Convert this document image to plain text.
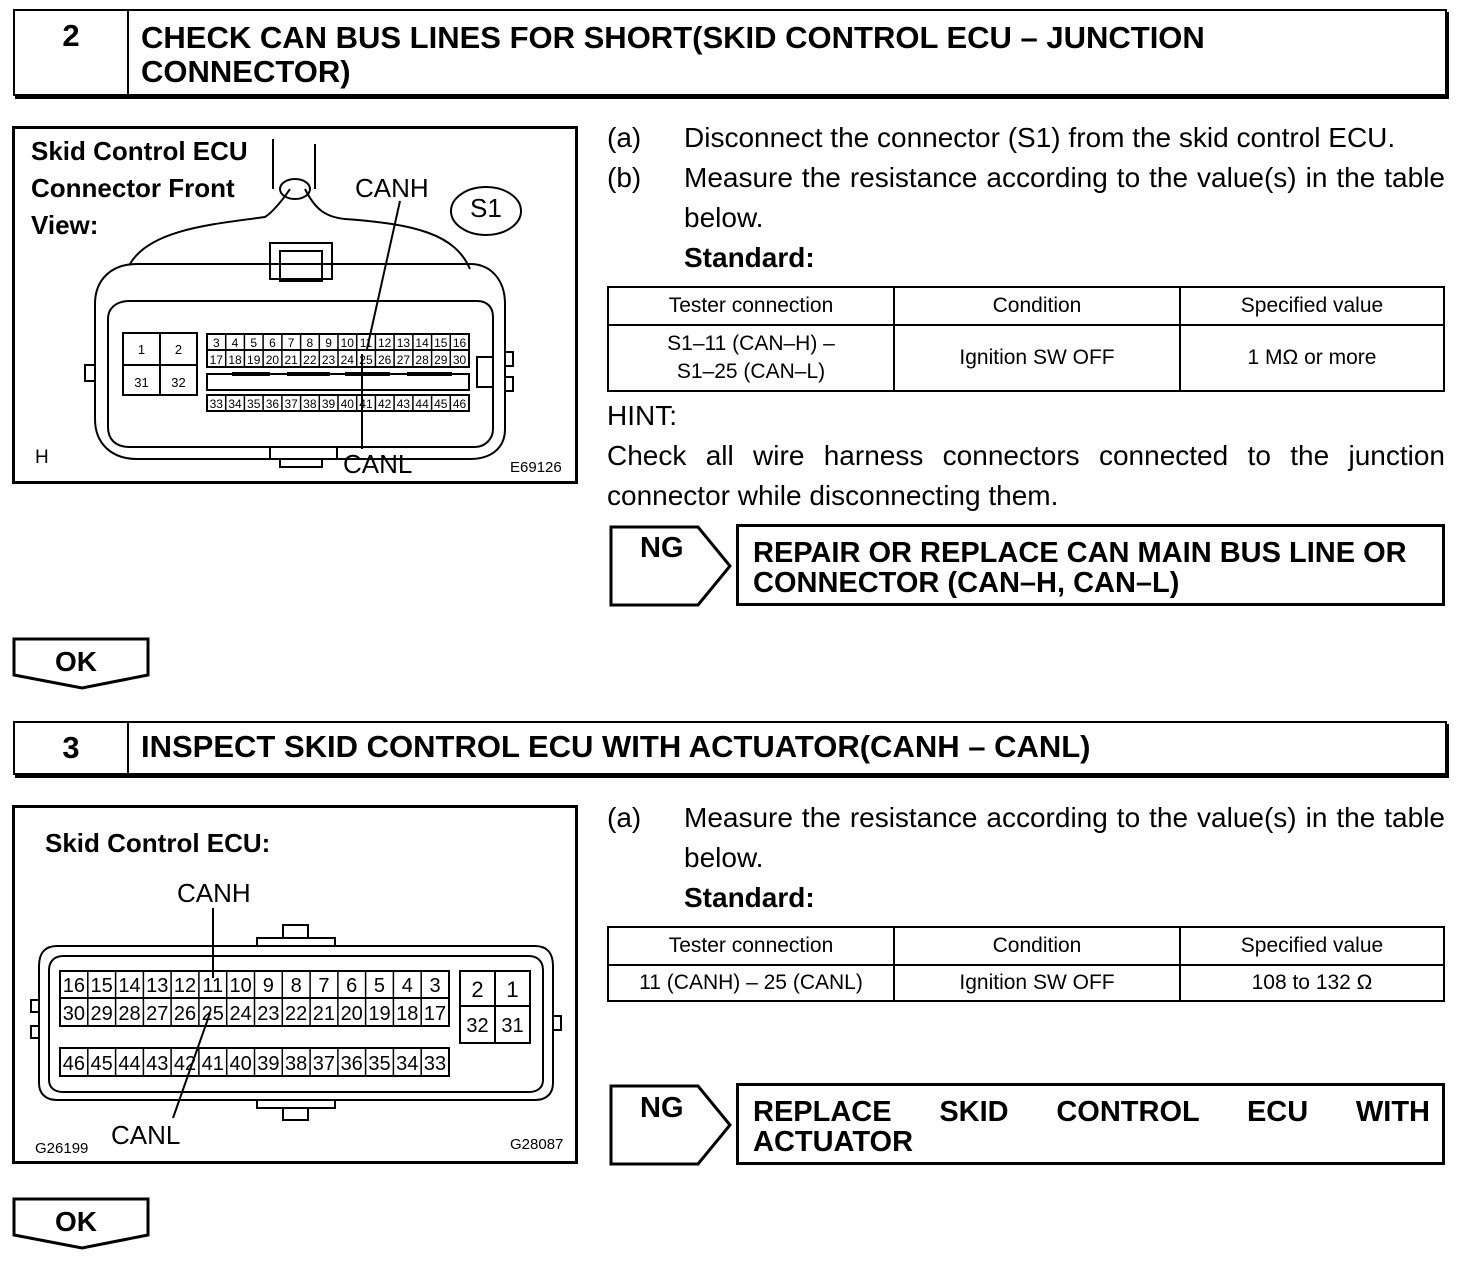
2	CHECK CAN BUS LINES FOR SHORT(SKID CONTROL ECU – JUNCTION
CONNECTOR)
Skid Control ECU
Connector Front
View:
3 4 5 6 7 8 9 10 11 12 13 14 15 16
17 18 19 20 21 22 23 24 25 26 27 28 29 30
33 34 35 36 37 38 39 40 41 42 43 44 45 46
1 2
31 32
S1
CANH
CANL
H	E69126
(a) Disconnect the connector (S1) from the skid control ECU.
(b) Measure the resistance according to the value(s) in the table below.
Standard:
Tester connection	Condition	Specified value

S1–11 (CAN–H) –
S1–25 (CAN–L)	Ignition SW OFF	1 MΩ or more
HINT:
Check all wire harness connectors connected to the junction connector while disconnecting them.
NG REPAIR OR REPLACE CAN MAIN BUS LINE OR
CONNECTOR (CAN–H, CAN–L)
OK
3	INSPECT SKID CONTROL ECU WITH ACTUATOR(CANH – CANL)
Skid Control ECU:
16 15 14 13 12 11 10 9 8 7 6 5 4 3
30 29 28 27 26 25 24 23 22 21 20 19 18 17
46 45 44 43 42 41 40 39 38 37 36 35 34 33
2 1
32 31
CANH
CANL
G26199	G28087
(a) Measure the resistance according to the value(s) in the table below.
Standard:
Tester connection	Condition	Specified value
11 (CANH) – 25 (CANL)	Ignition SW OFF	108 to 132 Ω
NG REPLACE SKID CONTROL ECU WITH
ACTUATOR
OK
